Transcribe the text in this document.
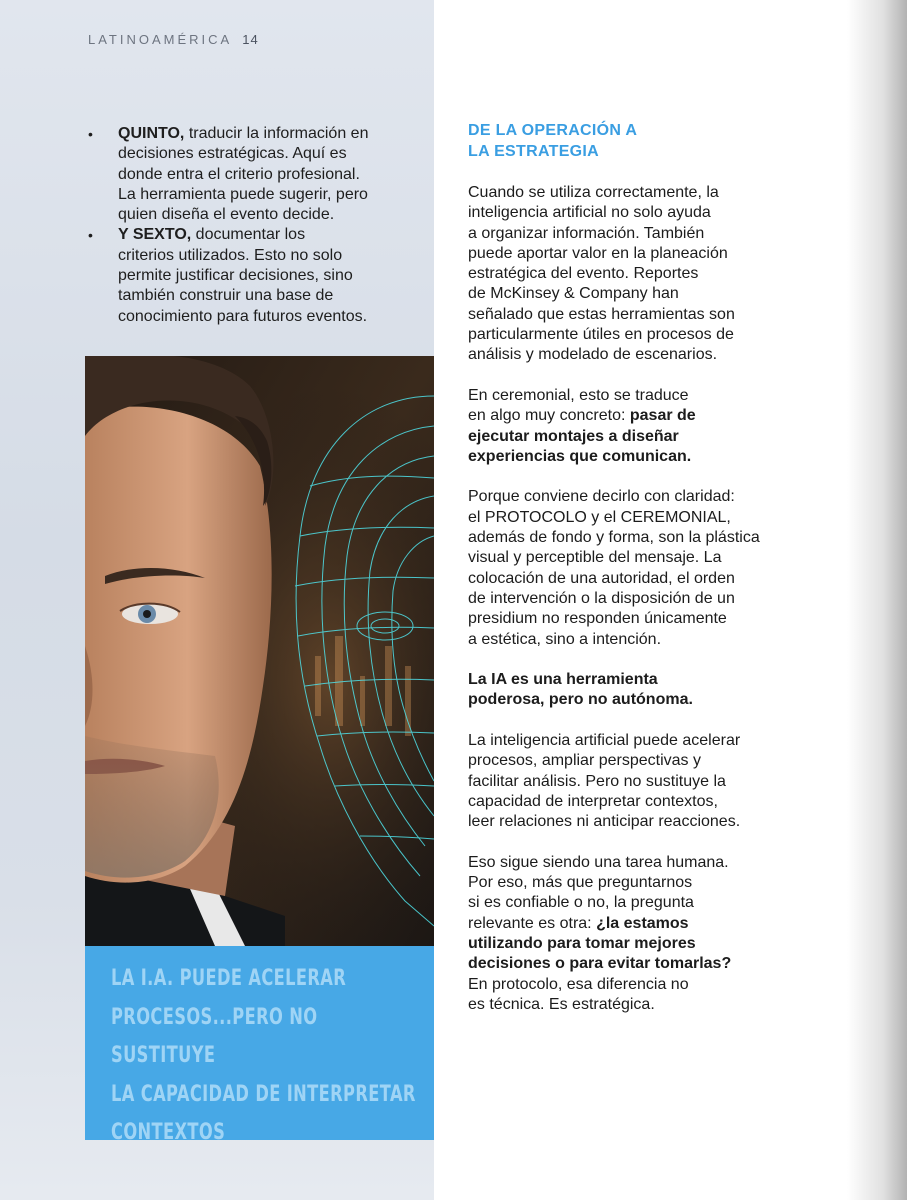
LATINOAMÉRICA 14
• QUINTO, traducir la información en
decisiones estratégicas. Aquí es
donde entra el criterio profesional.
La herramienta puede sugerir, pero
quien diseña el evento decide.
• Y SEXTO, documentar los
criterios utilizados. Esto no solo
permite justificar decisiones, sino
también construir una base de
conocimiento para futuros eventos.
LA I.A. PUEDE ACELERAR
PROCESOS...PERO NO SUSTITUYE
LA CAPACIDAD DE INTERPRETAR
CONTEXTOS
DE LA OPERACIÓN A
LA ESTRATEGIA

Cuando se utiliza correctamente, la
inteligencia artificial no solo ayuda
a organizar información. También
puede aportar valor en la planeación
estratégica del evento. Reportes
de McKinsey & Company han
señalado que estas herramientas son
particularmente útiles en procesos de
análisis y modelado de escenarios.

En ceremonial, esto se traduce
en algo muy concreto: pasar de
ejecutar montajes a diseñar
experiencias que comunican.

Porque conviene decirlo con claridad:
el PROTOCOLO y el CEREMONIAL,
además de fondo y forma, son la plástica
visual y perceptible del mensaje. La
colocación de una autoridad, el orden
de intervención o la disposición de un
presidium no responden únicamente
a estética, sino a intención.

La IA es una herramienta
poderosa, pero no autónoma.

La inteligencia artificial puede acelerar
procesos, ampliar perspectivas y
facilitar análisis. Pero no sustituye la
capacidad de interpretar contextos,
leer relaciones ni anticipar reacciones.

Eso sigue siendo una tarea humana.
Por eso, más que preguntarnos
si es confiable o no, la pregunta
relevante es otra: ¿la estamos
utilizando para tomar mejores
decisiones o para evitar tomarlas?
En protocolo, esa diferencia no
es técnica. Es estratégica.
